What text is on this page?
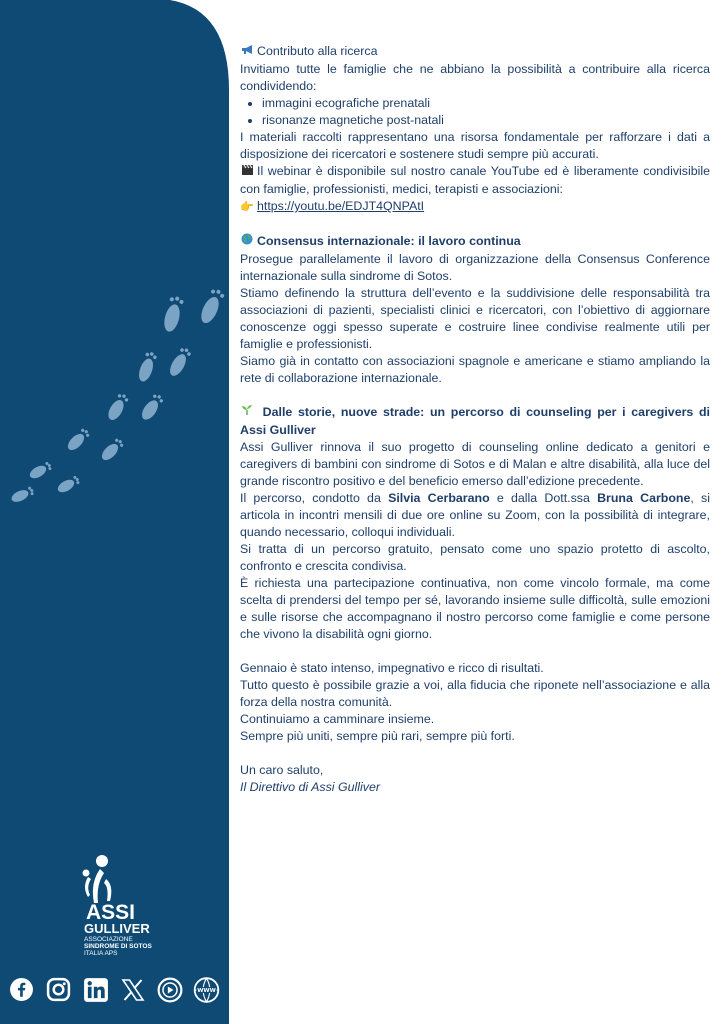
ASSI
GULLIVER
ASSOCIAZIONE
SINDROME DI SOTOS
ITALIA APS
WWW

Contributo alla ricerca

Invitiamo tutte le famiglie che ne abbiano la possibilità a contribuire alla ricerca condividendo:

• immagini ecografiche prenatali
• risonanze magnetiche post-natali

I materiali raccolti rappresentano una risorsa fondamentale per rafforzare i dati a disposizione dei ricercatori e sostenere studi sempre più accurati.

Il webinar è disponibile sul nostro canale YouTube ed è liberamente condivisibile con famiglie, professionisti, medici, terapisti e associazioni:

👉 https://youtu.be/EDJT4QNPAtI

Consensus internazionale: il lavoro continua

Prosegue parallelamente il lavoro di organizzazione della Consensus Conference internazionale sulla sindrome di Sotos.

Stiamo definendo la struttura dell’evento e la suddivisione delle responsabilità tra associazioni di pazienti, specialisti clinici e ricercatori, con l’obiettivo di aggiornare conoscenze oggi spesso superate e costruire linee condivise realmente utili per famiglie e professionisti.

Siamo già in contatto con associazioni spagnole e americane e stiamo ampliando la rete di collaborazione internazionale.

Dalle storie, nuove strade: un percorso di counseling per i caregivers di Assi Gulliver

Assi Gulliver rinnova il suo progetto di counseling online dedicato a genitori e caregivers di bambini con sindrome di Sotos e di Malan e altre disabilità, alla luce del grande riscontro positivo e del beneficio emerso dall’edizione precedente.

Il percorso, condotto da Silvia Cerbarano e dalla Dott.ssa Bruna Carbone, si articola in incontri mensili di due ore online su Zoom, con la possibilità di integrare, quando necessario, colloqui individuali.

Si tratta di un percorso gratuito, pensato come uno spazio protetto di ascolto, confronto e crescita condivisa.

È richiesta una partecipazione continuativa, non come vincolo formale, ma come scelta di prendersi del tempo per sé, lavorando insieme sulle difficoltà, sulle emozioni e sulle risorse che accompagnano il nostro percorso come famiglie e come persone che vivono la disabilità ogni giorno.

Gennaio è stato intenso, impegnativo e ricco di risultati.

Tutto questo è possibile grazie a voi, alla fiducia che riponete nell’associazione e alla forza della nostra comunità.

Continuiamo a camminare insieme.

Sempre più uniti, sempre più rari, sempre più forti.

Un caro saluto,

Il Direttivo di Assi Gulliver
